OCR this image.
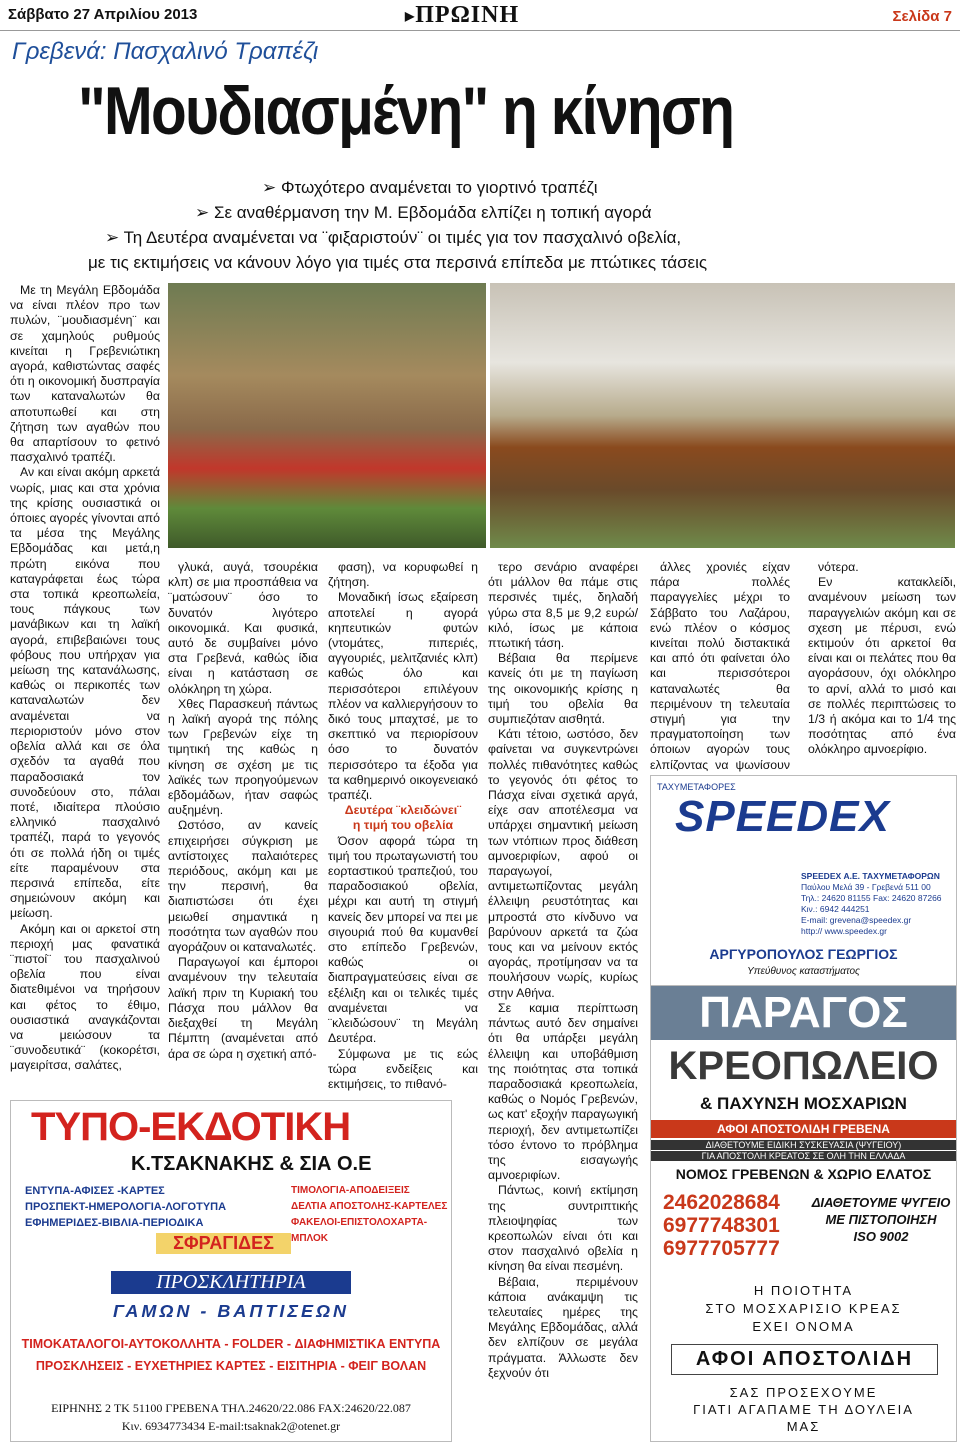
Σάββατο 27 Απριλίου 2013	▶ΠΡΩΙΝΗ	Σελίδα 7
Γρεβενά: Πασχαλινό Τραπέζι
"Μουδιασμένη" η κίνηση
➢ Φτωχότερο αναμένεται το γιορτινό τραπέζι
➢ Σε αναθέρμανση την Μ. Εβδομάδα ελπίζει η τοπική αγορά
➢ Τη Δευτέρα αναμένεται να ¨φιξαριστούν¨ οι τιμές για τον πασχαλινό οβελία,
με τις εκτιμήσεις να κάνουν λόγο για τιμές στα περσινά επίπεδα με πτώτικες τάσεις

Με τη Μεγάλη Εβδομάδα να είναι πλέον προ των πυλών, ¨μουδιασμένη¨ και σε χαμηλούς ρυθμούς κινείται η Γρεβενιώτικη αγορά, καθιστώντας σαφές ότι η οικονομική δυσπραγία των καταναλωτών θα αποτυπωθεί και στη ζήτηση των αγαθών που θα απαρτίσουν το φετινό πασχαλινό τραπέζι.

Αν και είναι ακόμη αρκετά νωρίς, μιας και στα χρόνια της κρίσης ουσιαστικά οι όποιες αγορές γίνονται από τα μέσα της Μεγάλης Εβδομάδας και μετά,η πρώτη εικόνα που καταγράφεται έως τώρα στα τοπικά κρεοπωλεία, τους πάγκους των μανάβικων και τη λαϊκή αγορά, επιβεβαιώνει τους φόβους που υπήρχαν για μείωση της κατανάλωσης, καθώς οι περικοπές των καταναλωτών δεν αναμένεται να περιοριστούν μόνο στον οβελία αλλά και σε όλα σχεδόν τα αγαθά που παραδοσιακά τον συνοδεύουν στο, πάλαι ποτέ, ιδιαίτερα πλούσιο ελληνικό πασχαλινό τραπέζι, παρά το γεγονός ότι σε πολλά ήδη οι τιμές είτε παραμένουν στα περσινά επίπεδα, είτε σημειώνουν ακόμη και μείωση.

Ακόμη και οι αρκετοί στη περιοχή μας φανατικά ¨πιστοί¨ του πασχαλινού οβελία που είναι διατεθιμένοι να τηρήσουν και φέτος το έθιμο, ουσιαστικά αναγκάζονται να μειώσουν τα ¨συνοδευτικά¨ (κοκορέτσι, μαγειρίτσα, σαλάτες,

γλυκά, αυγά, τσουρέκια κλπ) σε μια προσπάθεια να ¨ματώσουν¨ όσο το δυνατόν λιγότερο οικονομικά. Και φυσικά, αυτό δε συμβαίνει μόνο στα Γρεβενά, καθώς ίδια είναι η κατάσταση σε ολόκληρη τη χώρα.

Χθες Παρασκευή πάντως η λαϊκή αγορά της πόλης των Γρεβενών είχε τη τιμητική της καθώς η κίνηση σε σχέση με τις λαϊκές των προηγούμενων εβδομάδων, ήταν σαφώς αυξημένη.

Ωστόσο, αν κανείς επιχειρήσει σύγκριση με αντίστοιχες παλαιότερες περιόδους, ακόμη και με την περσινή, θα διαπιστώσει ότι έχει μειωθεί σημαντικά η ποσότητα των αγαθών που αγοράζουν οι καταναλωτές.

Παραγωγοί και έμποροι αναμένουν την τελευταία λαϊκή πριν τη Κυριακή του Πάσχα που μάλλον θα διεξαχθεί τη Μεγάλη Πέμπτη (αναμένεται από άρα σε ώρα η σχετική από-

φαση), να κορυφωθεί η ζήτηση.

Μοναδική ίσως εξαίρεση αποτελεί η αγορά κηπευτικών φυτών (ντομάτες, πιπεριές, αγγουριές, μελιτζανιές κλπ) καθώς όλο και περισσότεροι επιλέγουν πλέον να καλλιεργήσουν το δικό τους μπαχτσέ, με το σκεπτικό να περιορίσουν όσο το δυνατόν περισσότερο τα έξοδα για τα καθημερινό οικογενειακό τραπέζι.

Δευτέρα ¨κλειδώνει¨

η τιμή του οβελία

Όσον αφορά τώρα τη τιμή του πρωταγωνιστή του εορταστικού τραπεζιού, του παραδοσιακού οβελία, μέχρι και αυτή τη στιγμή κανείς δεν μπορεί να πει με σιγουριά πού θα κυμανθεί στο επίπεδο Γρεβενών, καθώς οι διαπραγματεύσεις είναι σε εξέλιξη και οι τελικές τιμές αναμένεται να ¨κλειδώσουν¨ τη Μεγάλη Δευτέρα.

Σύμφωνα με τις εώς τώρα ενδείξεις και εκτιμήσεις, το πιθανό-

τερο σενάριο αναφέρει ότι μάλλον θα πάμε στις περσινές τιμές, δηλαδή γύρω στα 8,5 με 9,2 ευρώ/ κιλό, ίσως με κάποια πτωτική τάση.

Βέβαια θα περίμενε κανείς ότι με τη παγίωση της οικονομικής κρίσης η τιμή του οβελία θα συμπιεζόταν αισθητά.

Κάτι τέτοιο, ωστόσο, δεν φαίνεται να συγκεντρώνει πολλές πιθανότητες καθώς το γεγονός ότι φέτος το Πάσχα είναι σχετικά αργά, είχε σαν αποτέλεσμα να υπάρχει σημαντική μείωση των ντόπιων προς διάθεση αμνοεριφίων, αφού οι παραγωγοί, αντιμετωπίζοντας μεγάλη έλλειψη ρευστότητας και μπροστά στο κίνδυνο να βαρύνουν αρκετά τα ζώα τους και να μείνουν εκτός αγοράς, προτίμησαν να τα πουλήσουν νωρίς, κυρίως στην Αθήνα.

Σε καμια περίπτωση πάντως αυτό δεν σημαίνει ότι θα υπάρξει μεγάλη έλλειψη και υποβάθμιση της ποιότητας στα τοπικά παραδοσιακά κρεοπωλεία, καθώς ο Νομός Γρεβενών, ως κατ' εξοχήν παραγωγική περιοχή, δεν αντιμετωπίζει τόσο έντονο το πρόβλημα της εισαγωγής αμνοεριφίων.

Πάντως, κοινή εκτίμηση της συντριπτικής πλειοψηφίας των κρεοπωλών είναι ότι και στον πασχαλινό οβελία η κίνηση θα είναι πεσμένη.

Βέβαια, περιμένουν κάποια ανάκαμψη τις τελευταίες ημέρες της Μεγάλης Εβδομάδας, αλλά δεν ελπίζουν σε μεγάλα πράγματα. Άλλωστε δεν ξεχνούν ότι

άλλες χρονιές είχαν πάρα πολλές παραγγελίες μέχρι το Σάββατο του Λαζάρου, ενώ πλέον ο κόσμος κινείται πολύ διστακτικά και από ότι φαίνεται όλο και περισσότεροι καταναλωτές θα περιμένουν τη τελευταία στιγμή για την πραγματοποίηση των όποιων αγορών τους ελπίζοντας να ψωνίσουν

νότερα.

Εν κατακλείδι, αναμένουν μείωση των παραγγελιών ακόμη και σε σχεση με πέρυσι, ενώ εκτιμούν ότι αρκετοί θα είναι και οι πελάτες που θα αγοράσουν, όχι ολόκληρο το αρνί, αλλά το μισό και σε πολλές περιπτώσεις το 1/3 ή ακόμα και το 1/4 της ποσότητας από ένα ολόκληρο αμνοερίφιο.

ΤΑΧΥΜΕΤΑΦΟΡΕΣ
SPEEDEX
SPEEDEX Α.Ε. ΤΑΧΥΜΕΤΑΦΟΡΩΝ
Παύλου Μελά 39 - Γρεβενά 511 00
Τηλ.: 24620 81155 Fax: 24620 87266
Κιν.: 6942 444251
E-mail: grevena@speedex.gr
http:// www.speedex.gr
ΑΡΓΥΡΟΠΟΥΛΟΣ ΓΕΩΡΓΙΟΣ
Υπεύθυνος καταστήματος
ΠΑΡΑΓΟΣ
ΚΡΕΟΠΩΛΕΙΟ
& ΠΑΧΥΝΣΗ ΜΟΣΧΑΡΙΩΝ
ΑΦΟΙ ΑΠΟΣΤΟΛΙΔΗ ΓΡΕΒΕΝΑ
ΔΙΑΘΕΤΟΥΜΕ ΕΙΔΙΚΗ ΣΥΣΚΕΥΑΣΙΑ (ΨΥΓΕΙΟΥ)
ΓΙΑ ΑΠΟΣΤΟΛΗ ΚΡΕΑΤΟΣ ΣΕ ΟΛΗ ΤΗΝ ΕΛΛΑΔΑ
ΝΟΜΟΣ ΓΡΕΒΕΝΩΝ & ΧΩΡΙΟ ΕΛΑΤΟΣ
2462028684
6977748301
6977705777
ΔΙΑΘΕΤΟΥΜΕ ΨΥΓΕΙΟ
ΜΕ ΠΙΣΤΟΠΟΙΗΣΗ
ISO 9002
Η ΠΟΙΟΤΗΤΑ
ΣΤΟ ΜΟΣΧΑΡΙΣΙΟ ΚΡΕΑΣ
ΕΧΕΙ ΟΝΟΜΑ
ΑΦΟΙ ΑΠΟΣΤΟΛΙΔΗ
ΣΑΣ ΠΡΟΣΕΧΟΥΜΕ
ΓΙΑΤΙ ΑΓΑΠΑΜΕ ΤΗ ΔΟΥΛΕΙΑ
ΜΑΣ
ΤΥΠΟ-ΕΚΔΟΤΙΚΗ
Κ.ΤΣΑΚΝΑΚΗΣ & ΣΙΑ Ο.Ε
ΕΝΤΥΠΑ-ΑΦΙΣΕΣ -ΚΑΡΤΕΣ
ΠΡΟΣΠΕΚΤ-ΗΜΕΡΟΛΟΓΙΑ-ΛΟΓΟΤΥΠΑ
ΕΦΗΜΕΡΙΔΕΣ-ΒΙΒΛΙΑ-ΠΕΡΙΟΔΙΚΑ
ΣΦΡΑΓΙΔΕΣ
ΤΙΜΟΛΟΓΙΑ-ΑΠΟΔΕΙΞΕΙΣ
ΔΕΛΤΙΑ ΑΠΟΣΤΟΛΗΣ-ΚΑΡΤΕΛΕΣ
ΦΑΚΕΛΟΙ-ΕΠΙΣΤΟΛΟΧΑΡΤΑ-ΜΠΛΟΚ
ΠΡΟΣΚΛΗΤΗΡΙΑ
ΓΑΜΩΝ - ΒΑΠΤΙΣΕΩΝ
ΤΙΜΟΚΑΤΑΛΟΓΟΙ-ΑΥΤΟΚΟΛΛΗΤΑ - FOLDER - ΔΙΑΦΗΜΙΣΤΙΚΑ ΕΝΤΥΠΑ
ΠΡΟΣΚΛΗΣΕΙΣ - ΕΥΧΕΤΗΡΙΕΣ ΚΑΡΤΕΣ - ΕΙΣΙΤΗΡΙΑ - ΦΕΙΓ ΒΟΛΑΝ
ΕΙΡΗΝΗΣ 2 ΤΚ 51100 ΓΡΕΒΕΝΑ ΤΗΛ.24620/22.086 FAX:24620/22.087
Κιν. 6934773434 E-mail:tsaknak2@otenet.gr
